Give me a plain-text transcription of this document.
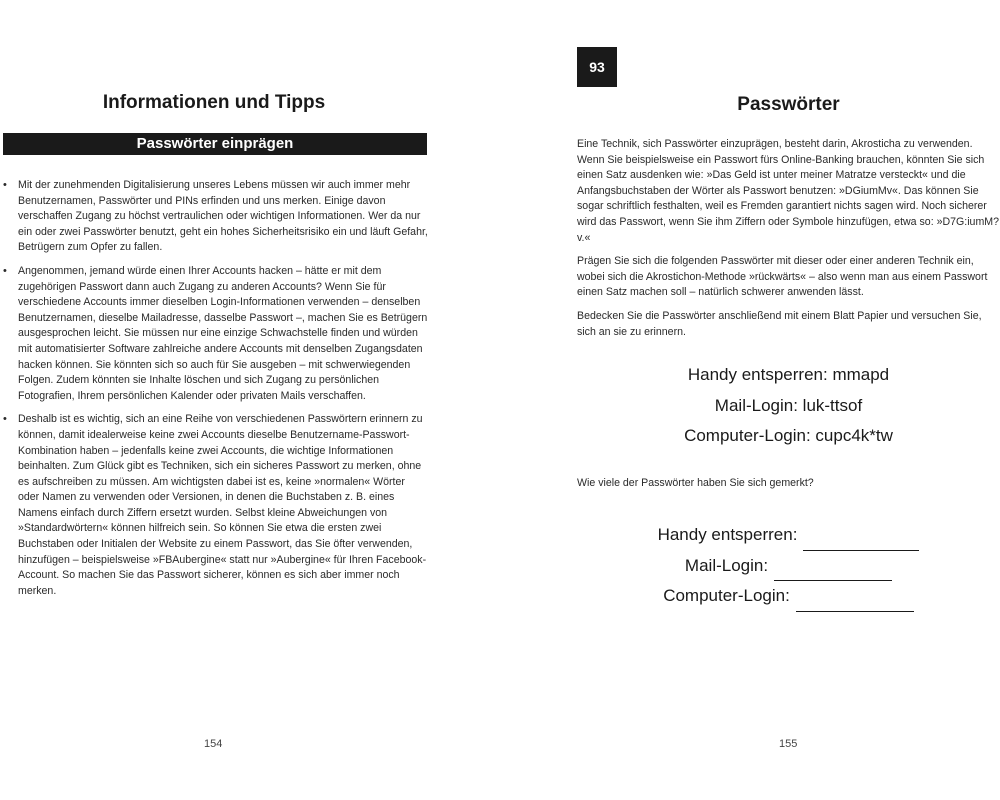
Informationen und Tipps
Passwörter einprägen
• Mit der zunehmenden Digitalisierung unseres Lebens müssen wir auch immer mehr Benutzernamen, Passwörter und PINs erfinden und uns merken. Einige davon verschaffen Zugang zu höchst vertraulichen oder wichtigen Informationen. Wer da nur ein oder zwei Passwörter benutzt, geht ein hohes Sicherheitsrisiko ein und läuft Gefahr, Betrügern zum Opfer zu fallen.
• Angenommen, jemand würde einen Ihrer Accounts hacken – hätte er mit dem zugehörigen Passwort dann auch Zugang zu anderen Accounts? Wenn Sie für verschiedene Accounts immer dieselben Login-Informationen verwenden – denselben Benutzernamen, dieselbe Mailadresse, dasselbe Passwort –, machen Sie es Betrügern ausgesprochen leicht. Sie müssen nur eine einzige Schwachstelle finden und würden mit automatisierter Software zahlreiche andere Accounts mit denselben Zugangsdaten hacken können. Sie könnten sich so auch für Sie ausgeben – mit schwerwiegenden Folgen. Zudem könnten sie Inhalte löschen und sich Zugang zu persönlichen Fotografien, Ihrem persönlichen Kalender oder privaten Mails verschaffen.
• Deshalb ist es wichtig, sich an eine Reihe von verschiedenen Passwörtern erinnern zu können, damit idealerweise keine zwei Accounts dieselbe Benutzername-Passwort-Kombination haben – jedenfalls keine zwei Accounts, die wichtige Informationen beinhalten. Zum Glück gibt es Techniken, sich ein sicheres Passwort zu merken, ohne es aufschreiben zu müssen. Am wichtigsten dabei ist es, keine »normalen« Wörter oder Namen zu verwenden oder Versionen, in denen die Buchstaben z. B. eines Namens einfach durch Ziffern ersetzt wurden. Selbst kleine Abweichungen von »Standardwörtern« können hilfreich sein. So können Sie etwa die ersten zwei Buchstaben oder Initialen der Website zu einem Passwort, das Sie öfter verwenden, hinzufügen – beispielsweise »FBAubergine« statt nur »Aubergine« für Ihren Facebook-Account. So machen Sie das Passwort sicherer, können es sich aber immer noch merken.
154
93
Passwörter

Eine Technik, sich Passwörter einzuprägen, besteht darin, Akrosticha zu verwenden. Wenn Sie beispielsweise ein Passwort fürs Online-Banking brauchen, könnten Sie sich einen Satz ausdenken wie: »Das Geld ist unter meiner Matratze versteckt« und die Anfangsbuchstaben der Wörter als Passwort benutzen: »DGiumMv«. Das können Sie sogar schriftlich festhalten, weil es Fremden garantiert nichts sagen wird. Noch sicherer wird das Passwort, wenn Sie ihm Ziffern oder Symbole hinzufügen, etwa so: »D7G:iumM?v.«

Prägen Sie sich die folgenden Passwörter mit dieser oder einer anderen Technik ein, wobei sich die Akrostichon-Methode »rückwärts« – also wenn man aus einem Passwort einen Satz machen soll – natürlich schwerer anwenden lässt.

Bedecken Sie die Passwörter anschließend mit einem Blatt Papier und versuchen Sie, sich an sie zu erinnern.

Handy entsperren: mmapd
Mail-Login: luk-ttsof
Computer-Login: cupc4k*tw

Wie viele der Passwörter haben Sie sich gemerkt?

Handy entsperren:
Mail-Login:
Computer-Login:
155
